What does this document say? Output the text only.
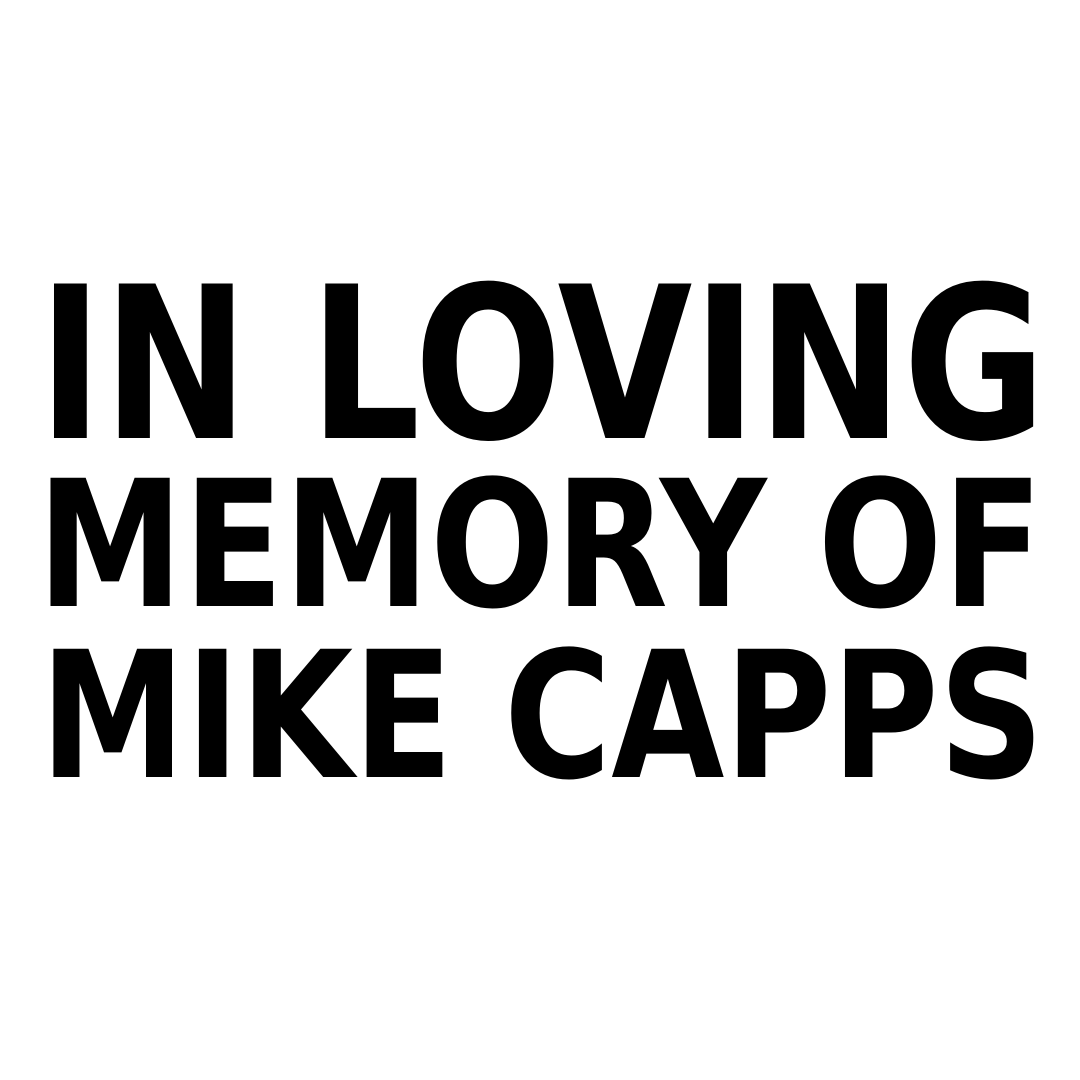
IN LOVING
MEMORY OF
MIKE CAPPS
